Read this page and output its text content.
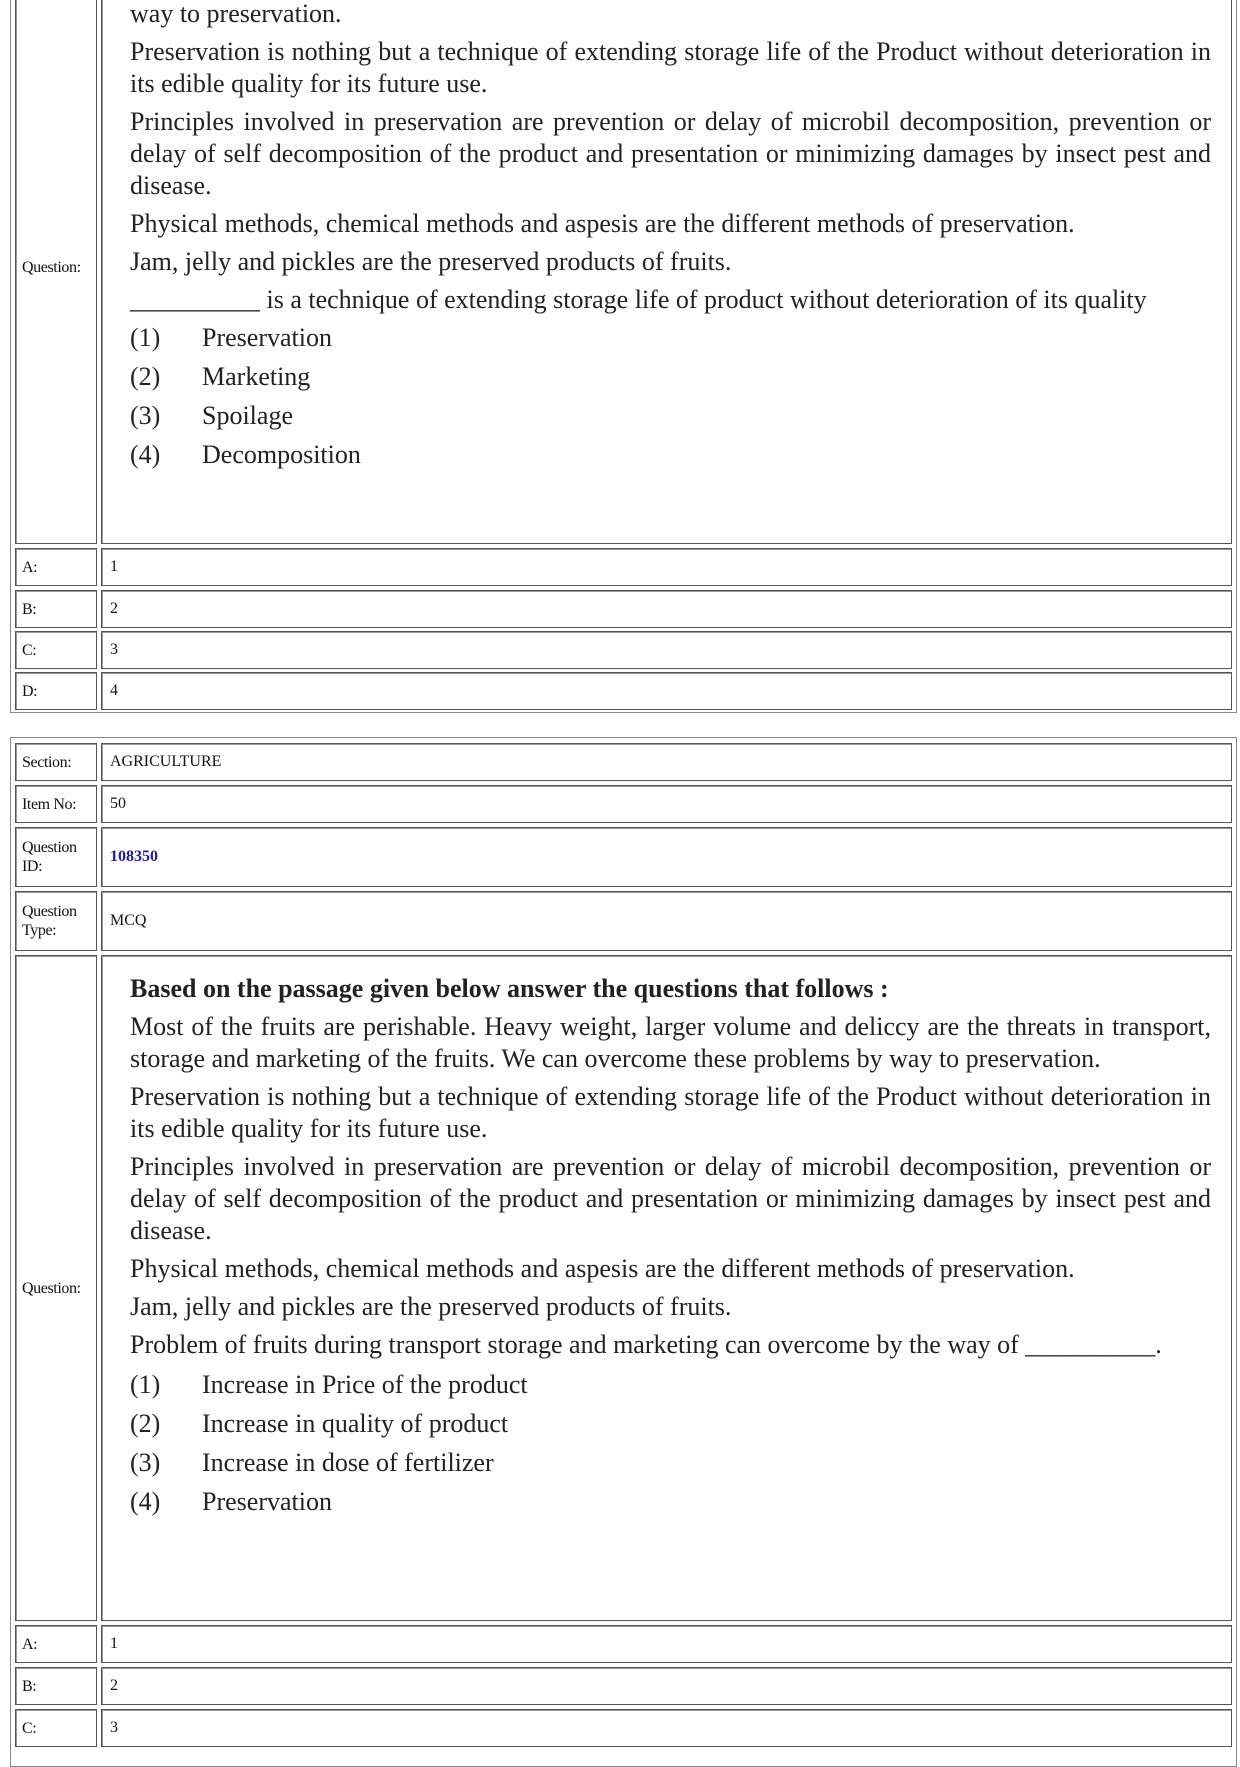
Question:

way to preservation.

Preservation is nothing but a technique of extending storage life of the Product without deterioration in its edible quality for its future use.

Principles involved in preservation are prevention or delay of microbil decomposition, prevention or delay of self decomposition of the product and presentation or minimizing damages by insect pest and disease.

Physical methods, chemical methods and aspesis are the different methods of preservation.

Jam, jelly and pickles are the preserved products of fruits.

__________ is a technique of extending storage life of product without deterioration of its quality

(1)	Preservation
(2)	Marketing
(3)	Spoilage
(4)	Decomposition
A:	1
B:	2
C:	3
D:	4
Section:	AGRICULTURE
Item No:	50
Question ID:
108350
Question Type:
MCQ
Question:

Based on the passage given below answer the questions that follows :

Most of the fruits are perishable. Heavy weight, larger volume and deliccy are the threats in transport, storage and marketing of the fruits. We can overcome these problems by way to preservation.

Preservation is nothing but a technique of extending storage life of the Product without deterioration in its edible quality for its future use.

Principles involved in preservation are prevention or delay of microbil decomposition, prevention or delay of self decomposition of the product and presentation or minimizing damages by insect pest and disease.

Physical methods, chemical methods and aspesis are the different methods of preservation.

Jam, jelly and pickles are the preserved products of fruits.

Problem of fruits during transport storage and marketing can overcome by the way of __________.

(1)	Increase in Price of the product
(2)	Increase in quality of product
(3)	Increase in dose of fertilizer
(4)	Preservation
A:	1
B:	2
C:	3
